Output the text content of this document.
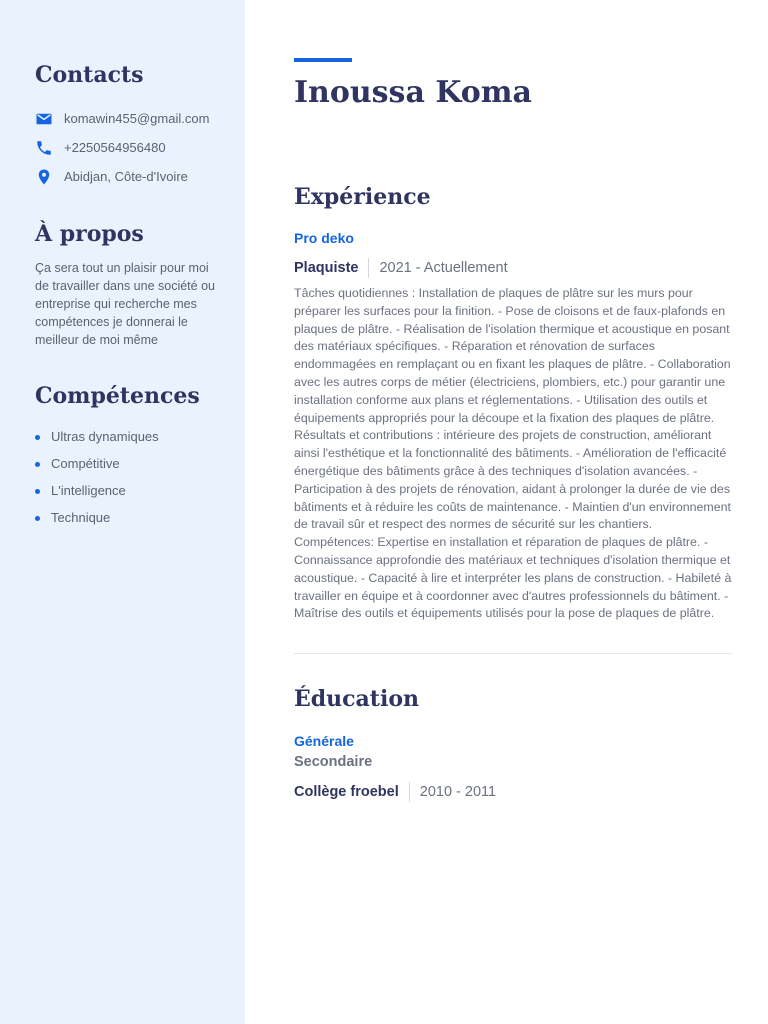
Contacts
komawin455@gmail.com
+2250564956480
Abidjan, Côte-d'Ivoire
À propos
Ça sera tout un plaisir pour moi de travailler dans une société ou entreprise qui recherche mes compétences je donnerai le meilleur de moi même
Compétences
Ultras dynamiques
Compétitive
L'intelligence
Technique
Inoussa Koma
Expérience
Pro deko
Plaquiste 2021 - Actuellement
Tâches quotidiennes : Installation de plaques de plâtre sur les murs pour préparer les surfaces pour la finition. - Pose de cloisons et de faux-plafonds en plaques de plâtre. - Réalisation de l'isolation thermique et acoustique en posant des matériaux spécifiques. - Réparation et rénovation de surfaces endommagées en remplaçant ou en fixant les plaques de plâtre. - Collaboration avec les autres corps de métier (électriciens, plombiers, etc.) pour garantir une installation conforme aux plans et réglementations. - Utilisation des outils et équipements appropriés pour la découpe et la fixation des plaques de plâtre. Résultats et contributions : intérieure des projets de construction, améliorant ainsi l'esthétique et la fonctionnalité des bâtiments. - Amélioration de l'efficacité énergétique des bâtiments grâce à des techniques d'isolation avancées. - Participation à des projets de rénovation, aidant à prolonger la durée de vie des bâtiments et à réduire les coûts de maintenance. - Maintien d'un environnement de travail sûr et respect des normes de sécurité sur les chantiers. Compétences: Expertise en installation et réparation de plaques de plâtre. - Connaissance approfondie des matériaux et techniques d'isolation thermique et acoustique. - Capacité à lire et interpréter les plans de construction. - Habileté à travailler en équipe et à coordonner avec d'autres professionnels du bâtiment. - Maîtrise des outils et équipements utilisés pour la pose de plaques de plâtre.
Éducation
Générale
Secondaire
Collège froebel 2010 - 2011
